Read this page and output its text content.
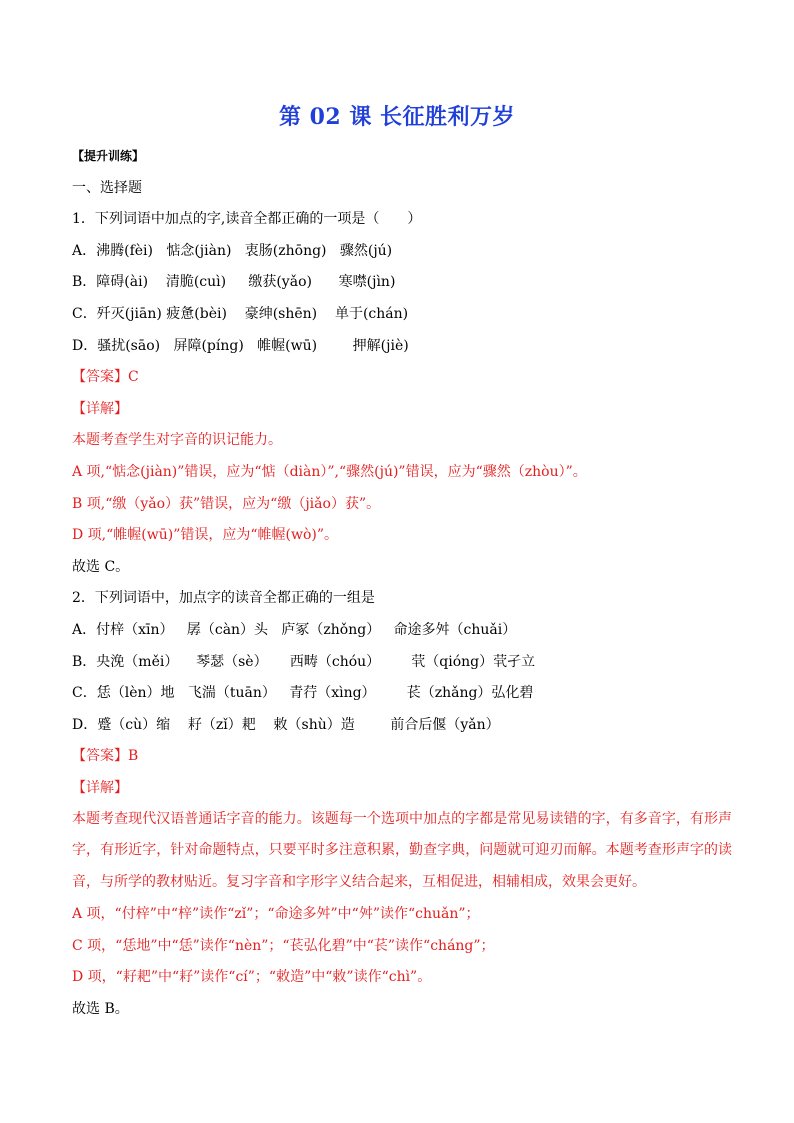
第 02 课 长征胜利万岁
【提升训练】
一、选择题
1．下列词语中加点的字,读音全都正确的一项是（　　）
A．沸腾(fèi)   惦念(jiàn)   衷肠(zhōng)   骤然(jú)
B．障碍(ài)    清脆(cuì)     缴获(yǎo)      寒噤(jìn)
C．歼灭(jiān) 疲惫(bèi)    豪绅(shēn)    单于(chán)
D．骚扰(sāo)   屏障(píng)   帷幄(wū)        押解(jiè)
【答案】C
【详解】
本题考查学生对字音的识记能力。
A 项,“惦念(jiàn)”错误，应为“惦（diàn）”,“骤然(jú)”错误，应为“骤然（zhòu）”。
B 项,“缴（yǎo）获”错误，应为“缴（jiǎo）获”。
D 项,“帷幄(wū)”错误，应为“帷幄(wò)”。
故选 C。
2．下列词语中，加点字的读音全都正确的一组是
A．付梓（xīn）   孱（càn）头   庐冢（zhǒng）   命途多舛（chuǎi）
B．央浼（měi）    琴瑟（sè）     西畴（chóu）       茕（qióng）茕孑立
C．恁（lèn）地   飞湍（tuān）   青荇（xìng）       苌（zhǎng）弘化碧
D．蹙（cù）缩    耔（zǐ）耙    敕（shù）造        前合后偃（yǎn）
【答案】B
【详解】

本题考查现代汉语普通话字音的能力。该题每一个选项中加点的字都是常见易读错的字，有多音字，有形声字，有形近字，针对命题特点，只要平时多注意积累，勤查字典，问题就可迎刃而解。本题考查形声字的读音，与所学的教材贴近。复习字音和字形字义结合起来，互相促进，相辅相成，效果会更好。

A 项，“付梓”中“梓”读作“zǐ”；“命途多舛”中“舛”读作“chuǎn”；
C 项，“恁地”中“恁”读作“nèn”；“苌弘化碧”中“苌”读作“cháng”；
D 项，“耔耙”中“耔”读作“cí”；“敕造”中“敕”读作“chì”。
故选 B。
